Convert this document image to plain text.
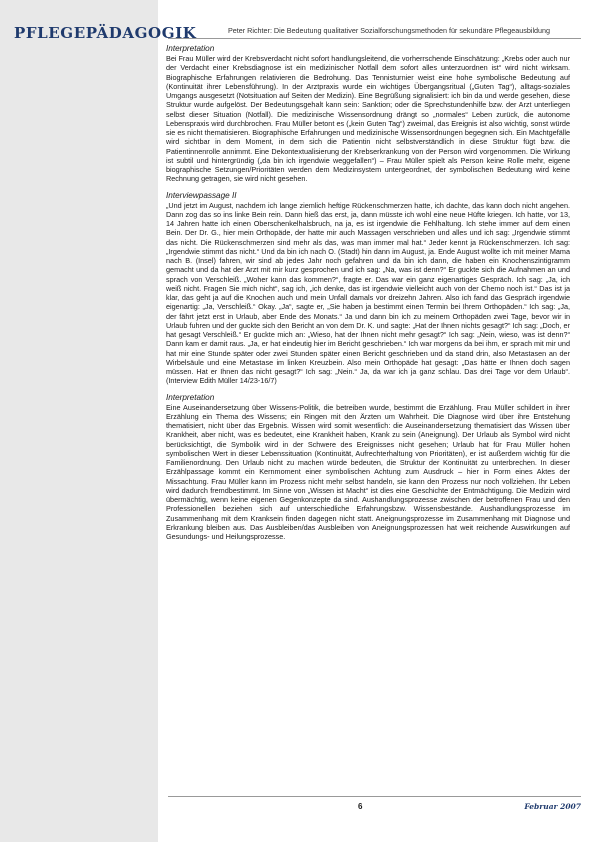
PFLEGEPÄDAGOGIK	Peter Richter: Die Bedeutung qualitativer Sozialforschungsmethoden für sekundäre Pflegeausbildung
Interpretation

Bei Frau Müller wird der Krebsverdacht nicht sofort handlungsleitend, die vorherrschende Einschätzung: „Krebs oder auch nur der Verdacht einer Krebsdiagnose ist ein medizinischer Notfall dem sofort alles unterzuordnen ist“ wird nicht wirksam. Biographische Erfahrungen relativieren die Bedrohung. Das Tennisturnier weist eine hohe symbolische Bedeutung auf (Kontinuität ihrer Lebensführung). In der Arztpraxis wurde ein wichtiges Übergangsritual („Guten Tag“), alltags-soziales Umgangs ausgesetzt (Notsituation auf Seiten der Medizin). Eine Begrüßung signalisiert: ich bin da und werde gesehen, diese Struktur wurde aufgelöst. Der Bedeutungsgehalt kann sein: Sanktion; oder die Sprechstundenhilfe bzw. der Arzt unterliegen selbst dieser Situation (Notfall). Die medizinische Wissensordnung drängt so „normales“ Leben zurück, die autonome Lebenspraxis wird durchbrochen. Frau Müller betont es („kein Guten Tag“) zweimal, das Ereignis ist also wichtig, sonst würde sie es nicht thematisieren. Biographische Erfahrungen und medizinische Wissensordnungen begegnen sich. Ein Machtgefälle wird sichtbar in dem Moment, in dem sich die Patientin nicht selbstverständlich in diese Struktur fügt bzw. die Patientinnenrolle annimmt. Eine Dekontextualisierung der Krebserkrankung von der Person wird vorgenommen. Die Wirkung ist subtil und hintergründig („da bin ich irgendwie weggefallen“) – Frau Müller spielt als Person keine Rolle mehr, eigene biographische Setzungen/Prioritäten werden dem Medizinsystem untergeordnet, der symbolischen Bedeutung wird keine Rechnung getragen, sie wird nicht gesehen.

Interviewpassage II

„Und jetzt im August, nachdem ich lange ziemlich heftige Rückenschmerzen hatte, ich dachte, das kann doch nicht angehen. Dann zog das so ins linke Bein rein. Dann hieß das erst, ja, dann müsste ich wohl eine neue Hüfte kriegen. Ich hatte, vor 13, 14 Jahren hatte ich einen Oberschenkelhalsbruch, na ja, es ist irgendwie die Fehlhaltung. Ich stehe immer auf dem einen Bein. Der Dr. G., hier mein Orthopäde, der hatte mir auch Massagen verschrieben und alles und ich sag: „Irgendwie stimmt das nicht. Die Rückenschmerzen sind mehr als das, was man immer mal hat.“ Jeder kennt ja Rückenschmerzen. Ich sag: „Irgendwie stimmt das nicht.“ Und da bin ich nach O. (Stadt) hin dann im August, ja. Ende August wollte ich mit meiner Mama nach B. (Insel) fahren, wir sind ab jedes Jahr noch gefahren und da bin ich dann, die haben ein Knochenszintigramm gemacht und da hat der Arzt mit mir kurz gesprochen und ich sag: „Na, was ist denn?“ Er guckte sich die Aufnahmen an und sprach von Verschleiß. „Woher kann das kommen?“, fragte er. Das war ein ganz eigenartiges Gespräch. Ich sag: „Ja, ich weiß nicht. Fragen Sie mich nicht“, sag ich, „ich denke, das ist irgendwie vielleicht auch von der Chemo noch ist.“ Das ist ja klar, das geht ja auf die Knochen auch und mein Unfall damals vor dreizehn Jahren. Also ich fand das Gespräch irgendwie eigenartig: „Ja, Verschleiß.“ Okay. „Ja“, sagte er, „Sie haben ja bestimmt einen Termin bei Ihrem Orthopäden.“ Ich sag: „Ja, der fährt jetzt erst in Urlaub, aber Ende des Monats.“ Ja und dann bin ich zu meinem Orthopäden zwei Tage, bevor wir in Urlaub fuhren und der guckte sich den Bericht an von dem Dr. K. und sagte: „Hat der Ihnen nichts gesagt?“ Ich sag: „Doch, er hat gesagt Verschleiß.“ Er guckte mich an: „Wieso, hat der Ihnen nicht mehr gesagt?“ Ich sag: „Nein, wieso, was ist denn?“ Dann kam er damit raus. „Ja, er hat eindeutig hier im Bericht geschrieben.“ Ich war morgens da bei ihm, er sprach mit mir und hat mir eine Stunde später oder zwei Stunden später einen Bericht geschrieben und da stand drin, also Metastasen an der Wirbelsäule und eine Metastase im linken Kreuzbein. Also mein Orthopäde hat gesagt: „Das hätte er Ihnen doch sagen müssen. Hat er Ihnen das nicht gesagt?“ Ich sag: „Nein.“ Ja, da war ich ja ganz schlau. Das drei Tage vor dem Urlaub“. (Interview Edith Müller 14/23-16/7)

Interpretation

Eine Auseinandersetzung über Wissens-Politik, die betreiben wurde, bestimmt die Erzählung. Frau Müller schildert in ihrer Erzählung ein Thema des Wissens; ein Ringen mit den Ärzten um Wahrheit. Die Diagnose wird über ihre Entstehung thematisiert, nicht über das Ergebnis. Wissen wird somit wesentlich: die Auseinandersetzung thematisiert das Wissen über Krankheit, aber nicht, was es bedeutet, eine Krankheit haben, Krank zu sein (Aneignung). Der Urlaub als Symbol wird nicht berücksichtigt, die Symbolik wird in der Schwere des Ereignisses nicht gesehen; Urlaub hat für Frau Müller hohen symbolischen Wert in dieser Lebenssituation (Kontinuität, Aufrechterhaltung von Prioritäten), er ist außerdem wichtig für die Familienordnung. Den Urlaub nicht zu machen würde bedeuten, die Struktur der Kontinuität zu unterbrechen. In dieser Erzählpassage kommt ein Kernmoment einer symbolischen Achtung zum Ausdruck – hier in Form eines Aktes der Missachtung. Frau Müller kann im Prozess nicht mehr selbst handeln, sie kann den Prozess nur noch vollziehen. Ihr Leben wird dadurch fremdbestimmt. Im Sinne von „Wissen ist Macht“ ist dies eine Geschichte der Entmächtigung. Die Medizin wird übermächtig, wenn keine eigenen Gegenkonzepte da sind. Aushandlungsprozesse zwischen der betroffenen Frau und den Professionellen beziehen sich auf unterschiedliche Erfahrungsbzw. Wissensbestände. Aushandlungsprozesse im Zusammenhang mit dem Kranksein finden dagegen nicht statt. Aneignungsprozesse im Zusammenhang mit Diagnose und Erkrankung bleiben aus. Das Ausbleiben/das Ausbleiben von Aneignungsprozessen hat weit reichende Auswirkungen auf Gesundungs- und Heilungsprozesse.

6	Februar 2007
